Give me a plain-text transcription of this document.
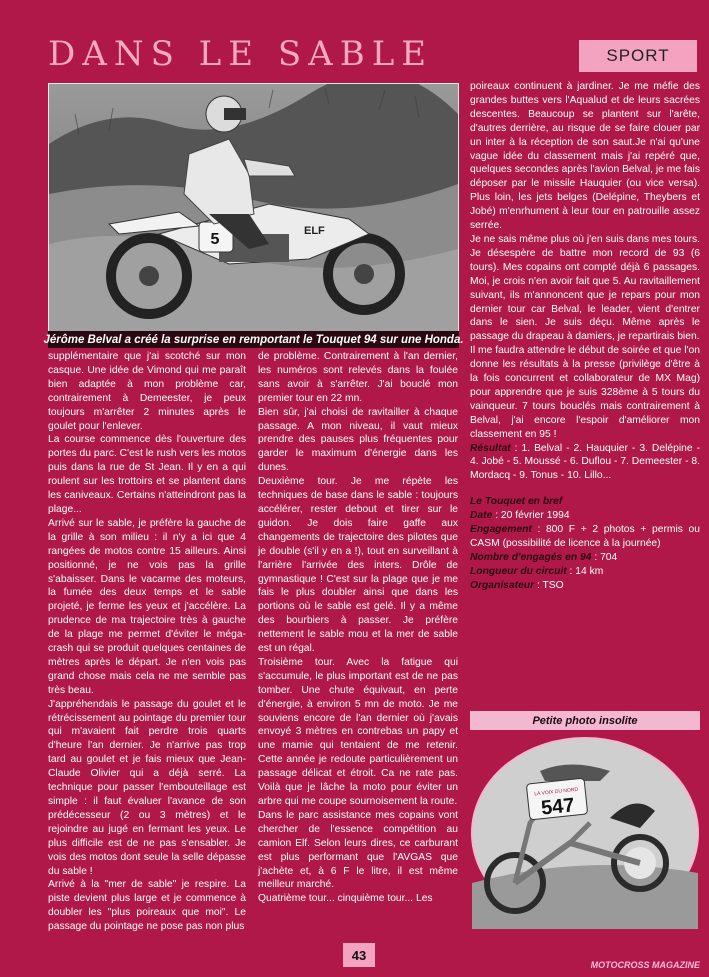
DANS LE SABLE	SPORT
5	ELF
Jérôme Belval a créé la surprise en remportant le Touquet 94 sur une Honda.

supplémentaire que j'ai scotché sur mon casque. Une idée de Vimond qui me paraît bien adaptée à mon problème car, contrairement à Demeester, je peux toujours m'arrêter 2 minutes après le goulet pour l'enlever.

La course commence dès l'ouverture des portes du parc. C'est le rush vers les motos puis dans la rue de St Jean. Il y en a qui roulent sur les trottoirs et se plantent dans les caniveaux. Certains n'atteindront pas la plage...

Arrivé sur le sable, je préfère la gauche de la grille à son milieu : il n'y a ici que 4 rangées de motos contre 15 ailleurs. Ainsi positionné, je ne vois pas la grille s'abaisser. Dans le vacarme des moteurs, la fumée des deux temps et le sable projeté, je ferme les yeux et j'accélère. La prudence de ma trajectoire très à gauche de la plage me permet d'éviter le méga-crash qui se produit quelques centaines de mètres après le départ. Je n'en vois pas grand chose mais cela ne me semble pas très beau.

J'appréhendais le passage du goulet et le rétrécissement au pointage du premier tour qui m'avaient fait perdre trois quarts d'heure l'an dernier. Je n'arrive pas trop tard au goulet et je fais mieux que Jean-Claude Olivier qui a déjà serré. La technique pour passer l'embouteillage est simple : il faut évaluer l'avance de son prédécesseur (2 ou 3 mètres) et le rejoindre au jugé en fermant les yeux. Le plus difficile est de ne pas s'ensabler. Je vois des motos dont seule la selle dépasse du sable !

Arrivé à la "mer de sable" je respire. La piste devient plus large et je commence à doubler les "plus poireaux que moi". Le passage du pointage ne pose pas non plus

de problème. Contrairement à l'an dernier, les numéros sont relevés dans la foulée sans avoir à s'arrêter. J'ai bouclé mon premier tour en 22 mn.

Bien sûr, j'ai choisi de ravitailler à chaque passage. A mon niveau, il vaut mieux prendre des pauses plus fréquentes pour garder le maximum d'énergie dans les dunes.

Deuxième tour. Je me répète les techniques de base dans le sable : toujours accélérer, rester debout et tirer sur le guidon. Je dois faire gaffe aux changements de trajectoire des pilotes que je double (s'il y en a !), tout en surveillant à l'arrière l'arrivée des inters. Drôle de gymnastique ! C'est sur la plage que je me fais le plus doubler ainsi que dans les portions où le sable est gelé. Il y a même des bourbiers à passer. Je préfère nettement le sable mou et la mer de sable est un régal.

Troisième tour. Avec la fatigue qui s'accumule, le plus important est de ne pas tomber. Une chute équivaut, en perte d'énergie, à environ 5 mn de moto. Je me souviens encore de l'an dernier où j'avais envoyé 3 mètres en contrebas un papy et une mamie qui tentaient de me retenir. Cette année je redoute particulièrement un passage délicat et étroit. Ca ne rate pas. Voilà que je lâche la moto pour éviter un arbre qui me coupe sournoisement la route.

Dans le parc assistance mes copains vont chercher de l'essence compétition au camion Elf. Selon leurs dires, ce carburant est plus performant que l'AVGAS que j'achète et, à 6 F le litre, il est même meilleur marché.

Quatrième tour... cinquième tour... Les

poireaux continuent à jardiner. Je me méfie des grandes buttes vers l'Aqualud et de leurs sacrées descentes. Beaucoup se plantent sur l'arête, d'autres derrière, au risque de se faire clouer par un inter à la réception de son saut.Je n'ai qu'une vague idée du classement mais j'ai repéré que, quelques secondes après l'avion Belval, je me fais déposer par le missile Hauquier (ou vice versa). Plus loin, les jets belges (Delépine, Theybers et Jobé) m'enrhument à leur tour en patrouille assez serrée.

Je ne sais même plus où j'en suis dans mes tours. Je désespère de battre mon record de 93 (6 tours). Mes copains ont compté déjà 6 passages. Moi, je crois n'en avoir fait que 5. Au ravitaillement suivant, ils m'annoncent que je repars pour mon dernier tour car Belval, le leader, vient d'entrer dans le sien. Je suis déçu. Même après le passage du drapeau à damiers, je repartirais bien.

Il me faudra attendre le début de soirée et que l'on donne les résultats à la presse (privilège d'être à la fois concurrent et collaborateur de MX Mag) pour apprendre que je suis 328ème à 5 tours du vainqueur. 7 tours bouclés mais contrairement à Belval, j'ai encore l'espoir d'améliorer mon classement en 95 !

Résultat : 1. Belval - 2. Hauquier - 3. Delépine - 4. Jobé - 5. Moussé - 6. Duflou - 7. Demeester - 8. Mordacq - 9. Tonus - 10. Lillo...

Le Touquet en bref

Date : 20 février 1994

Engagement : 800 F + 2 photos + permis ou CASM (possibilité de licence à la journée)

Nombre d'engagés en 94 : 704

Longueur du circuit : 14 km

Organisateur : TSO

Petite photo insolite
LA VOIX DU NORD
547
43
MOTOCROSS MAGAZINE
